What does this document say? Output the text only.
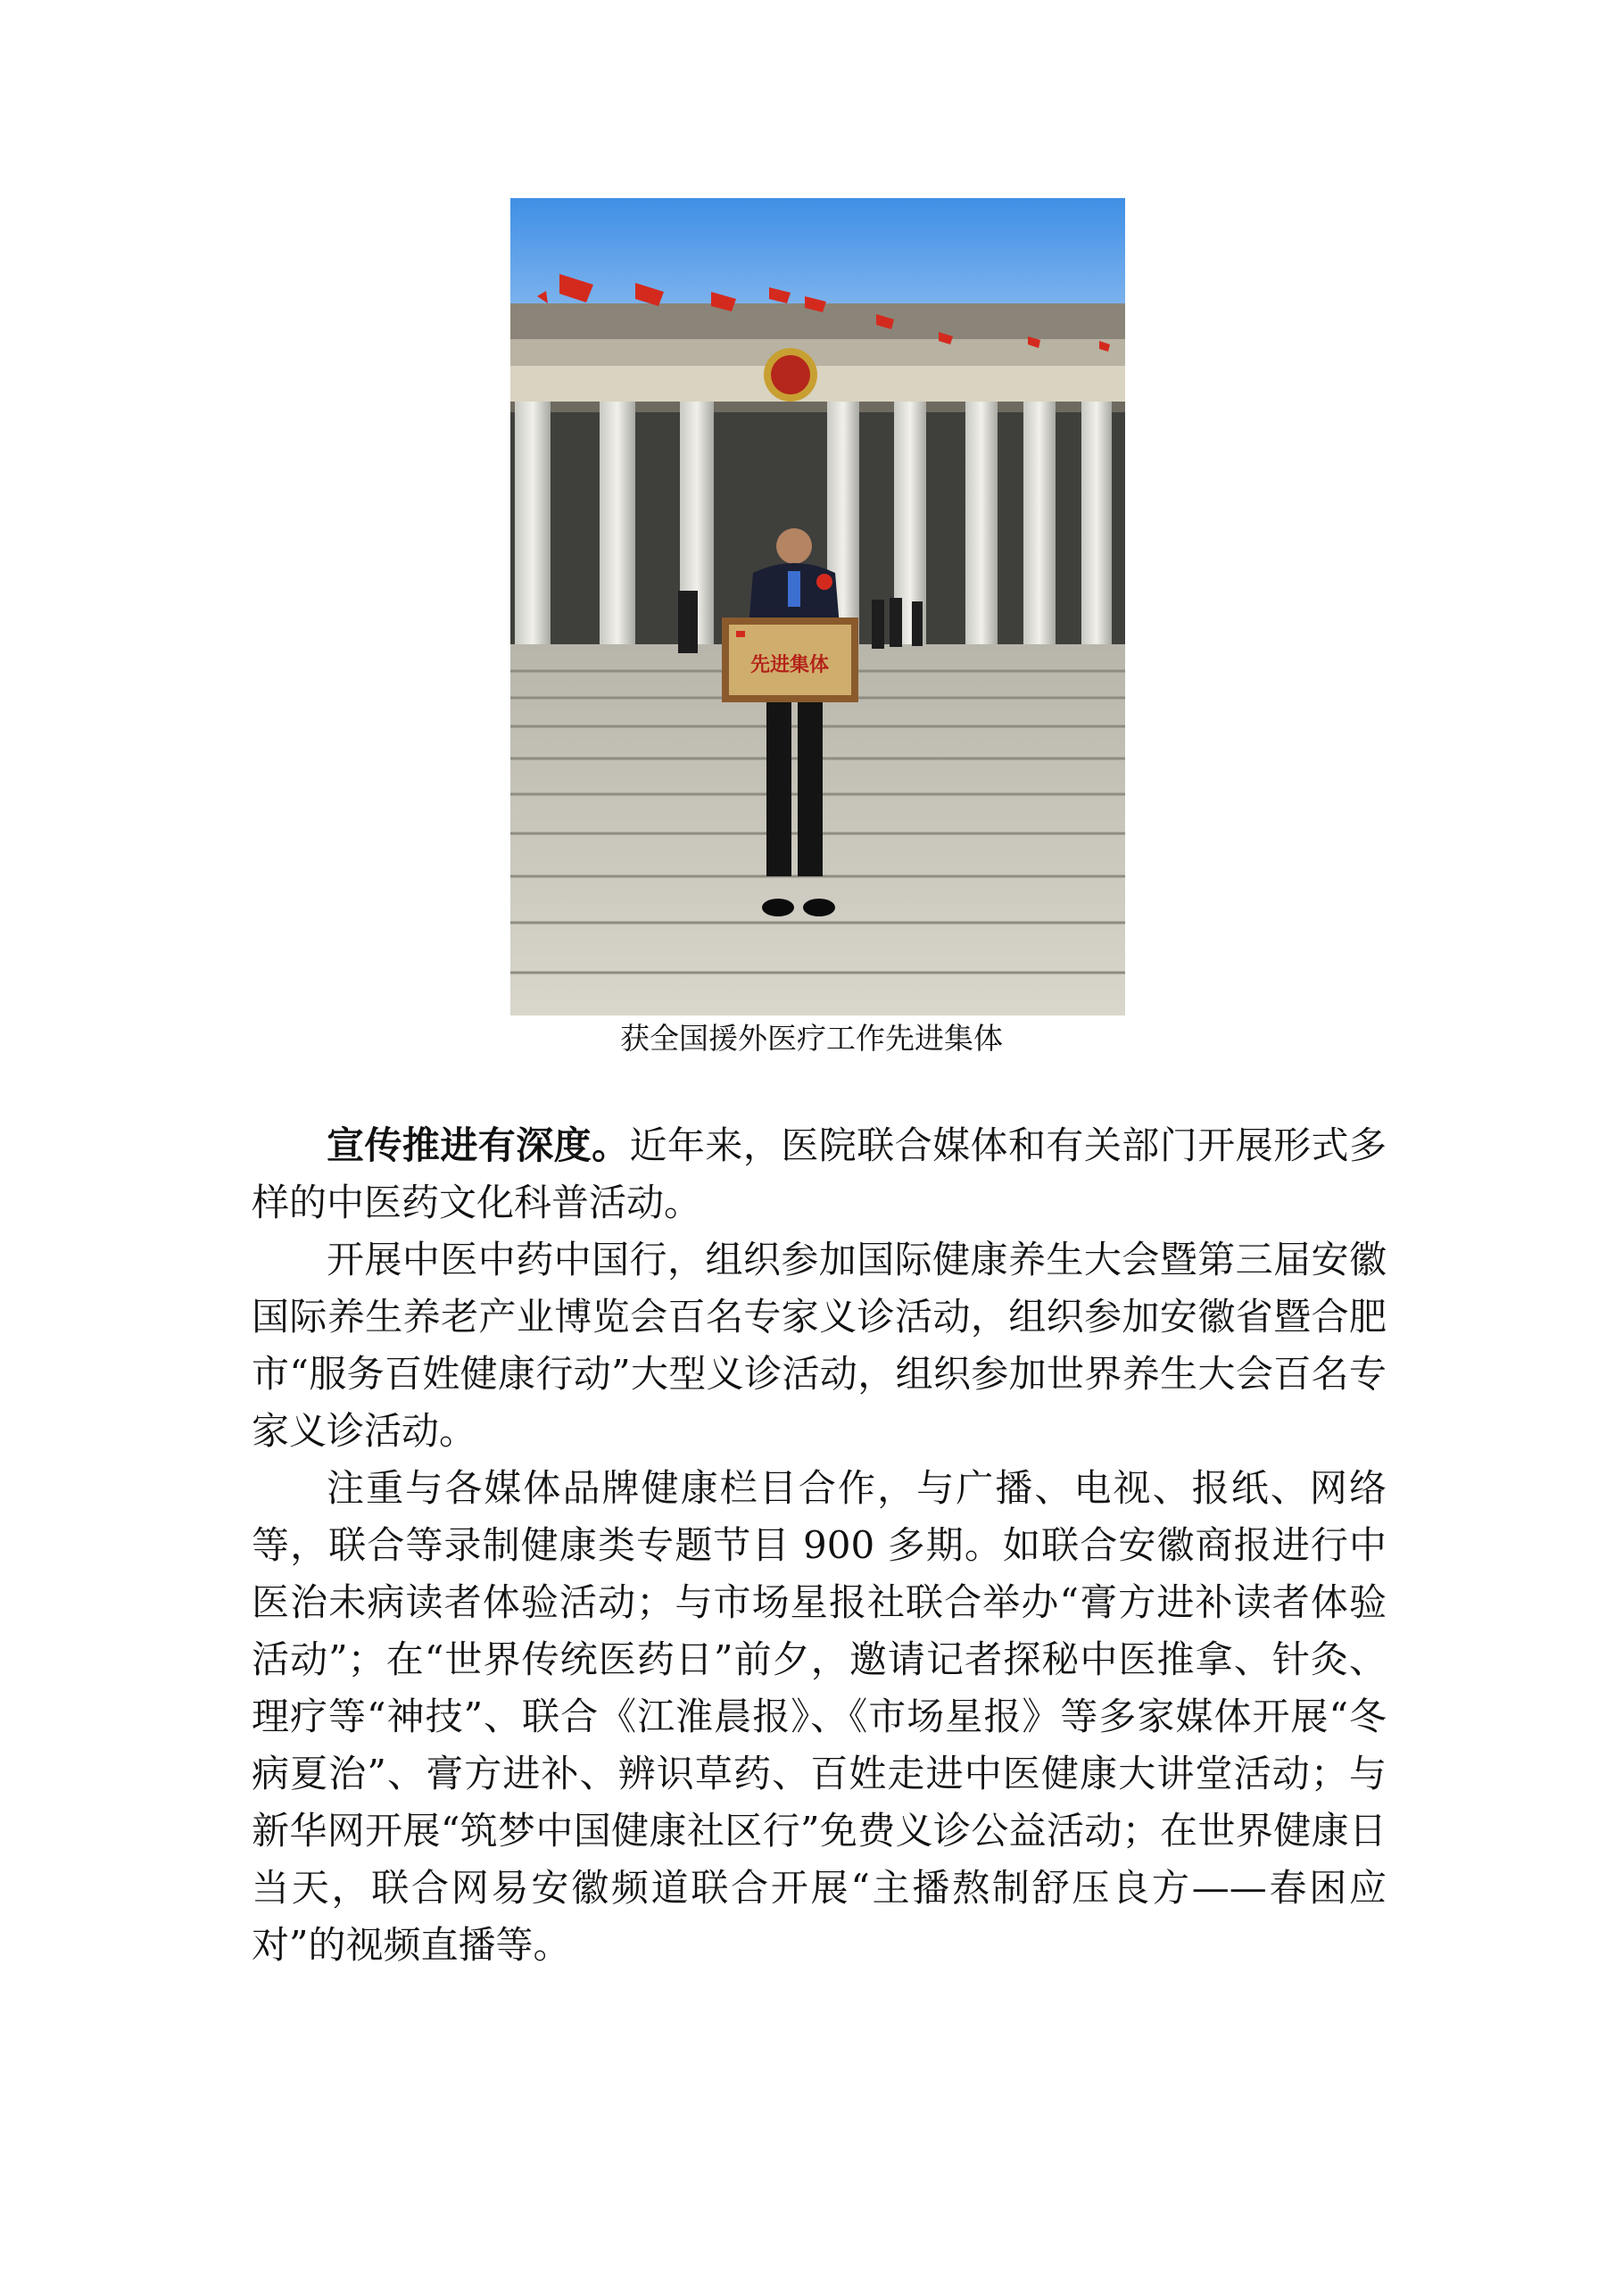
先进集体
获全国援外医疗工作先进集体

宣传推进有深度。近年来，医院联合媒体和有关部门开展形式多样的中医药文化科普活动。

开展中医中药中国行，组织参加国际健康养生大会暨第三届安徽国际养生养老产业博览会百名专家义诊活动，组织参加安徽省暨合肥市“服务百姓健康行动”大型义诊活动，组织参加世界养生大会百名专家义诊活动。

注重与各媒体品牌健康栏目合作，与广播、电视、报纸、网络等，联合等录制健康类专题节目 900 多期。如联合安徽商报进行中医治未病读者体验活动；与市场星报社联合举办“膏方进补读者体验活动”；在“世界传统医药日”前夕，邀请记者探秘中医推拿、针灸、理疗等“神技”、联合《江淮晨报》、《市场星报》等多家媒体开展“冬病夏治”、膏方进补、辨识草药、百姓走进中医健康大讲堂活动；与新华网开展“筑梦中国健康社区行”免费义诊公益活动；在世界健康日当天，联合网易安徽频道联合开展“主播熬制舒压良方——春困应对”的视频直播等。
